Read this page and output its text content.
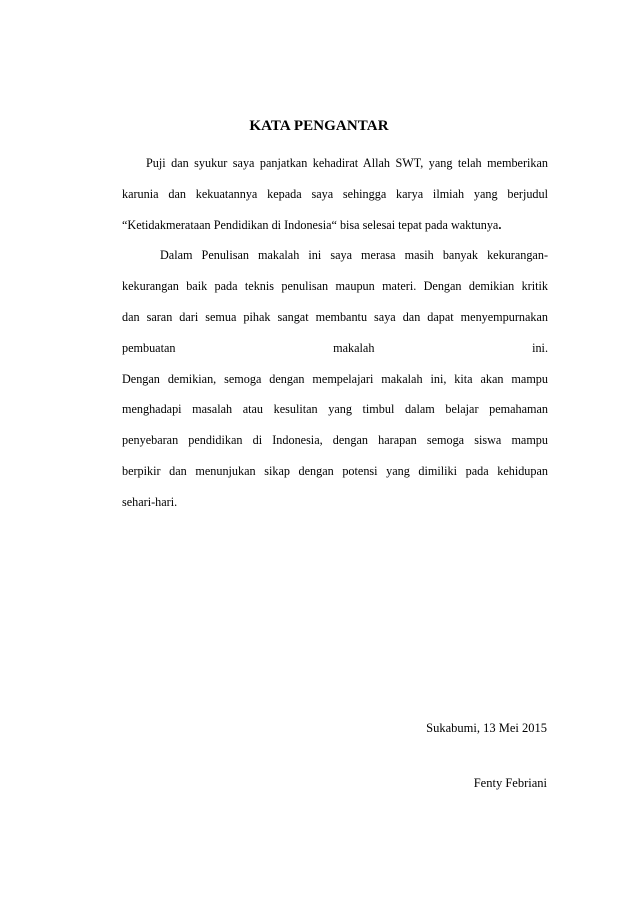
KATA PENGANTAR
Puji dan syukur saya panjatkan kehadirat Allah SWT, yang telah memberikan
karunia dan kekuatannya kepada saya sehingga karya ilmiah yang berjudul
“Ketidakmerataan Pendidikan di Indonesia“ bisa selesai tepat pada waktunya.
Dalam Penulisan makalah ini saya merasa masih banyak kekurangan-
kekurangan baik pada teknis penulisan maupun materi. Dengan demikian kritik
dan saran dari semua pihak sangat membantu saya dan dapat menyempurnakan
pembuatan makalah ini.
Dengan demikian, semoga dengan mempelajari makalah ini, kita akan mampu
menghadapi masalah atau kesulitan yang timbul dalam belajar pemahaman
penyebaran pendidikan di Indonesia, dengan harapan semoga siswa mampu
berpikir dan menunjukan sikap dengan potensi yang dimiliki pada kehidupan
sehari-hari.
Sukabumi, 13 Mei 2015
Fenty Febriani
